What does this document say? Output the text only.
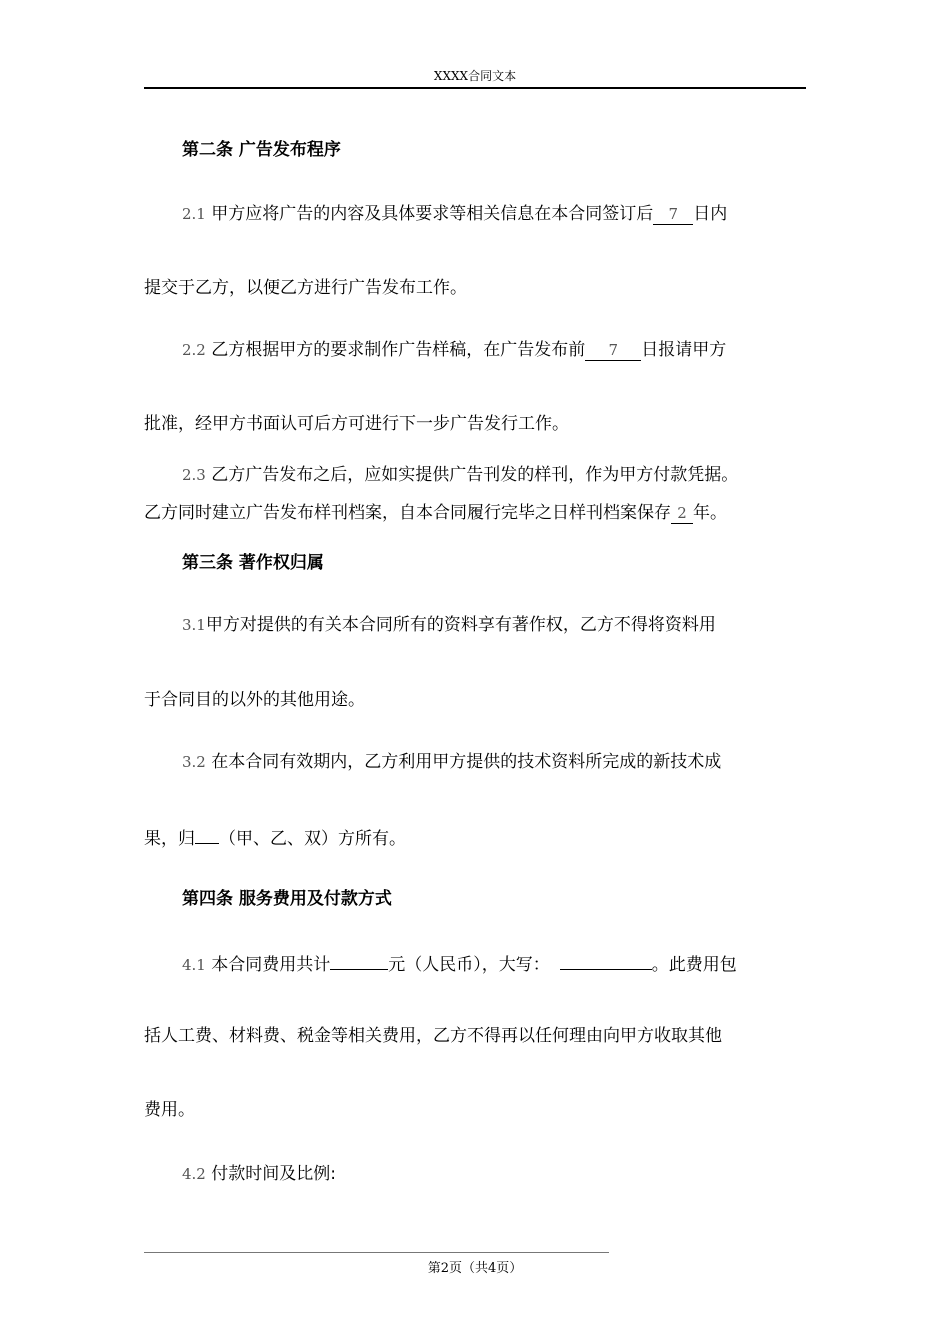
XXXX合同文本
第二条 广告发布程序
2.1 甲方应将广告的内容及具体要求等相关信息在本合同签订后 7 日内
提交于乙方，以便乙方进行广告发布工作。
2.2 乙方根据甲方的要求制作广告样稿，在广告发布前 7 日报请甲方
批准，经甲方书面认可后方可进行下一步广告发行工作。
2.3 乙方广告发布之后，应如实提供广告刊发的样刊，作为甲方付款凭据。
乙方同时建立广告发布样刊档案，自本合同履行完毕之日样刊档案保存 2 年。
第三条 著作权归属
3.1甲方对提供的有关本合同所有的资料享有著作权，乙方不得将资料用
于合同目的以外的其他用途。
3.2 在本合同有效期内，乙方利用甲方提供的技术资料所完成的新技术成
果，归 （甲、乙、双）方所有。
第四条 服务费用及付款方式
4.1 本合同费用共计	元（人民币），大写：	。此费用包
括人工费、材料费、税金等相关费用，乙方不得再以任何理由向甲方收取其他
费用。
4.2 付款时间及比例:
第2页（共4页）
